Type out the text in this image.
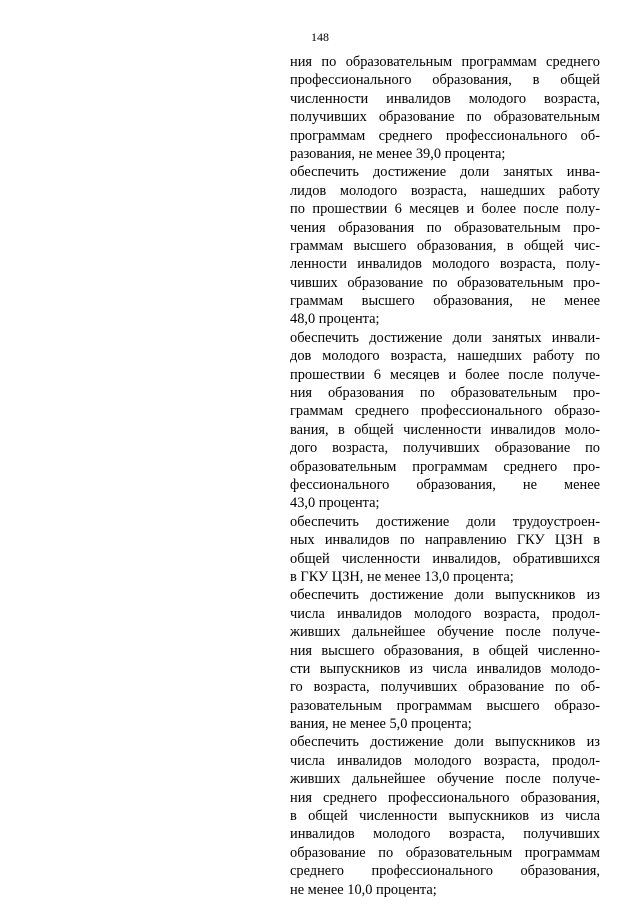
148
ния по образовательным программам среднего
профессионального образования, в общей
численности инвалидов молодого возраста,
получивших образование по образовательным
программам среднего профессионального об-
разования, не менее 39,0 процента;
обеспечить достижение доли занятых инва-
лидов молодого возраста, нашедших работу
по прошествии 6 месяцев и более после полу-
чения образования по образовательным про-
граммам высшего образования, в общей чис-
ленности инвалидов молодого возраста, полу-
чивших образование по образовательным про-
граммам высшего образования, не менее
48,0 процента;
обеспечить достижение доли занятых инвали-
дов молодого возраста, нашедших работу по
прошествии 6 месяцев и более после получе-
ния образования по образовательным про-
граммам среднего профессионального образо-
вания, в общей численности инвалидов моло-
дого возраста, получивших образование по
образовательным программам среднего про-
фессионального образования, не менее
43,0 процента;
обеспечить достижение доли трудоустроен-
ных инвалидов по направлению ГКУ ЦЗН в
общей численности инвалидов, обратившихся
в ГКУ ЦЗН, не менее 13,0 процента;
обеспечить достижение доли выпускников из
числа инвалидов молодого возраста, продол-
живших дальнейшее обучение после получе-
ния высшего образования, в общей численно-
сти выпускников из числа инвалидов молодо-
го возраста, получивших образование по об-
разовательным программам высшего образо-
вания, не менее 5,0 процента;
обеспечить достижение доли выпускников из
числа инвалидов молодого возраста, продол-
живших дальнейшее обучение после получе-
ния среднего профессионального образования,
в общей численности выпускников из числа
инвалидов молодого возраста, получивших
образование по образовательным программам
среднего профессионального образования,
не менее 10,0 процента;
